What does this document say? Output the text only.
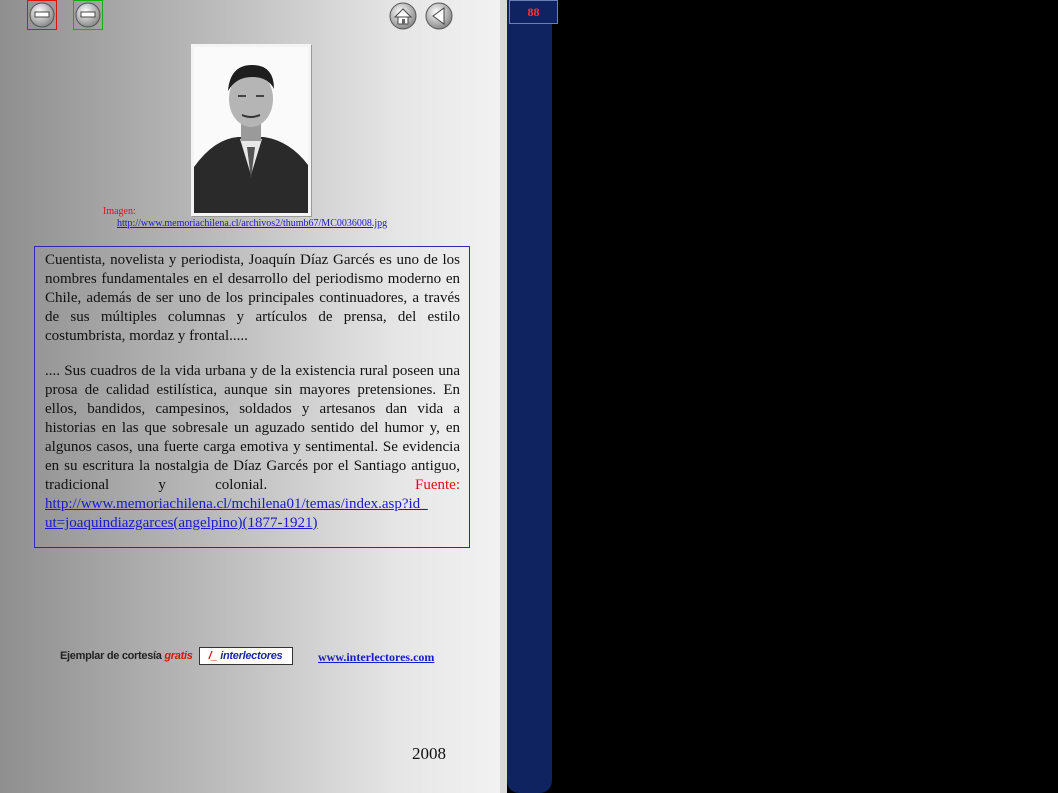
88
Imagen:
http://www.memoriachilena.cl/archivos2/thumb67/MC0036008.jpg

Cuentista, novelista y periodista, Joaquín Díaz Garcés es uno de los nombres fundamentales en el desarrollo del periodismo moderno en Chile, además de ser uno de los principales continuadores, a través de sus múltiples columnas y artículos de prensa, del estilo costumbrista, mordaz y frontal.....

.... Sus cuadros de la vida urbana y de la existencia rural poseen una prosa de calidad estilística, aunque sin mayores pretensiones. En ellos, bandidos, campesinos, soldados y artesanos dan vida a historias en las que sobresale un aguzado sentido del humor y, en algunos casos, una fuerte carga emotiva y sentimental. Se evidencia en su escritura la nostalgia de Díaz Garcés por el Santiago antiguo, tradicional y colonial.	Fuente: http://www.memoriachilena.cl/mchilena01/temas/index.asp?id_ ut=joaquindiazgarces(angelpino)(1877-1921)

Ejemplar de cortesía
gratis /_ interlectores	www.interlectores.com
2008
